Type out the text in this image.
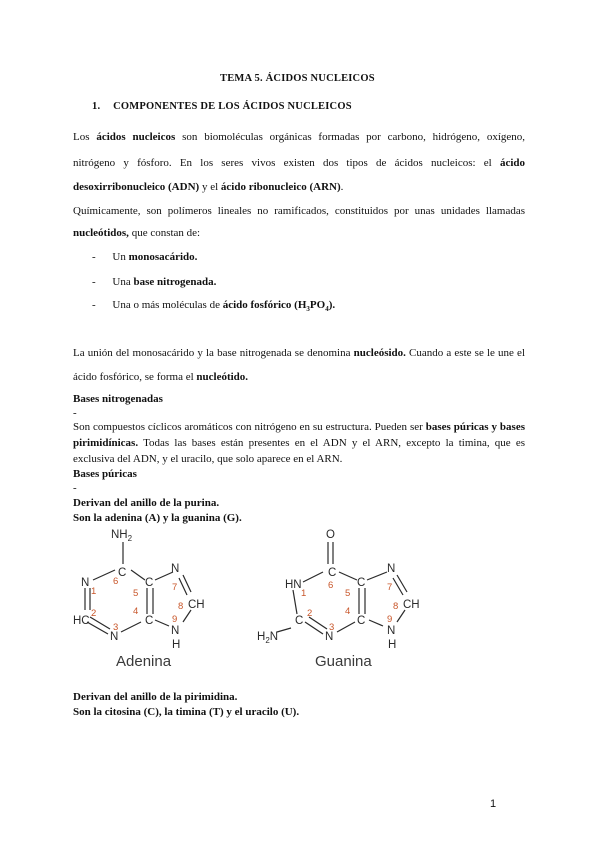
TEMA 5. ÁCIDOS NUCLEICOS
1. COMPONENTES DE LOS ÁCIDOS NUCLEICOS
Los ácidos nucleicos son biomoléculas orgánicas formadas por carbono, hidrógeno, oxígeno,
nitrógeno y fósforo. En los seres vivos existen dos tipos de ácidos nucleicos: el ácido
desoxirribonucleico (ADN) y el ácido ribonucleico (ARN).
Químicamente, son polímeros lineales no ramificados, constituidos por unas unidades llamadas
nucleótidos, que constan de:
- Un monosacárido.
- Una base nitrogenada.
- Una o más moléculas de ácido fosfórico $(H_3PO_4)$.
La unión del monosacárido y la base nitrogenada se denomina nucleósido. Cuando a este se le une el
ácido fosfórico, se forma el nucleótido.
Bases nitrogenadas
-
Son compuestos cíclicos aromáticos con nitrógeno en su estructura. Pueden ser bases púricas y bases
pirimidínicas. Todas las bases están presentes en el ADN y el ARN, excepto la timina, que es
exclusiva del ADN, y el uracilo, que solo aparece en el ARN.
Bases púricas
-
Derivan del anillo de la purina.
Son la adenina (A) y la guanina (G).
$NH_2$
C
N	C
N
CH
HC	C
N	N
H
1
2
3
4
5
6
7
8
9
Adenina
O
C
HN	C
N
CH
C	C
$H_2N$	N	N
H
1
2
3
4
5
6	7
8
9
Guanina
Derivan del anillo de la pirimidina.
Son la citosina (C), la timina (T) y el uracilo (U).
1
